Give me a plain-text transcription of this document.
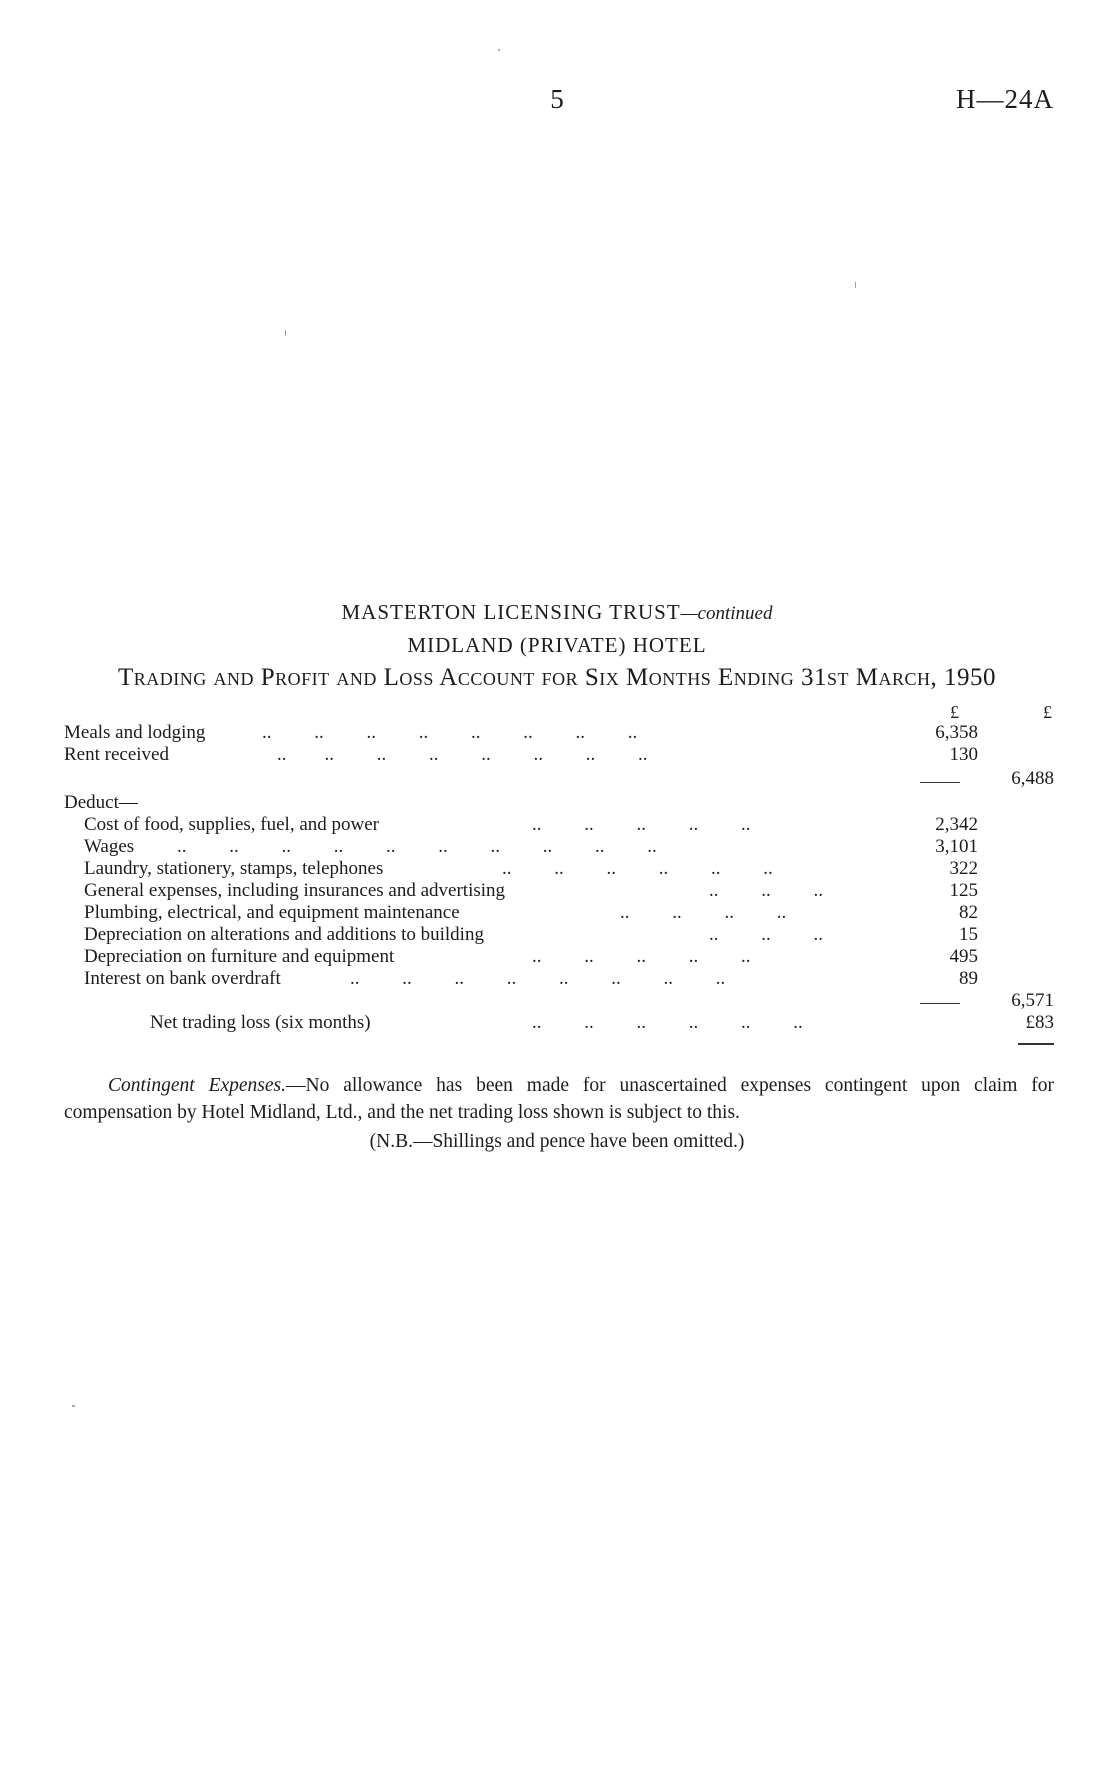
5	H—24A
MASTERTON LICENSING TRUST—continued
MIDLAND (PRIVATE) HOTEL
Trading and Profit and Loss Account for Six Months Ending 31st March, 1950
£	£
Meals and lodging	..         ..         ..         ..         ..         ..         ..         ..	6,358
Rent received	..        ..         ..         ..         ..         ..         ..         ..	130
6,488
Deduct—
Cost of food, supplies, fuel, and power	..         ..         ..         ..         ..	2,342
Wages ..         ..         ..         ..         ..         ..         ..         ..         ..         ..	3,101
Laundry, stationery, stamps, telephones	..         ..         ..         ..         ..         ..	322
General expenses, including insurances and advertising	..         ..         ..	125
Plumbing, electrical, and equipment maintenance	..         ..         ..         ..	82
Depreciation on alterations and additions to building	..         ..         ..	15
Depreciation on furniture and equipment	..         ..         ..         ..         ..	495
Interest on bank overdraft	..         ..         ..         ..         ..         ..         ..         ..	89
6,571
Net trading loss (six months)	..         ..         ..         ..         ..         ..	£83
Contingent Expenses.—No allowance has been made for unascertained expenses contingent upon claim for compensation by Hotel Midland, Ltd., and the net trading loss shown is subject to this.
(N.B.—Shillings and pence have been omitted.)
